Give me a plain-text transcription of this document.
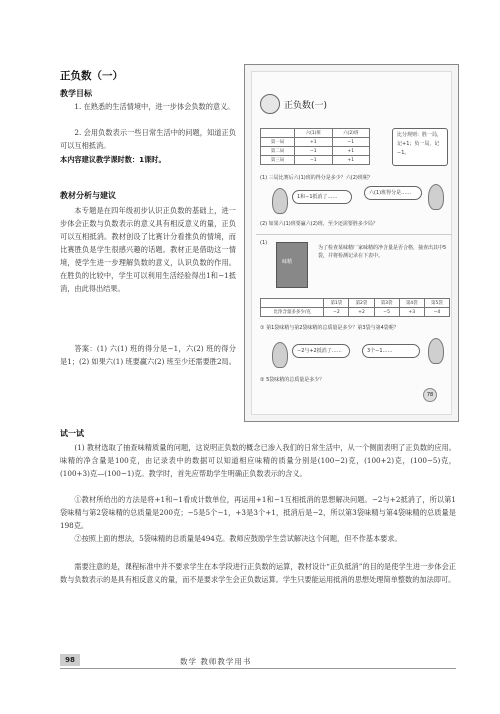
正负数（一）
教学目标
1. 在熟悉的生活情境中，进一步体会负数的意义。
2. 会用负数表示一些日常生活中的问题，知道正负可以互相抵消。
本内容建议教学课时数：1课时。
教材分析与建议
本专题是在四年级初步认识正负数的基础上，进一步体会正数与负数表示的意义具有相反意义的量，正负可以互相抵消。教材创设了比赛计分看推负的情境，而比赛胜负是学生很感兴趣的话题。教材正是借助这一情境，使学生进一步理解负数的意义，认识负数的作用。在胜负的比较中，学生可以利用生活经验得出1和−1抵消，由此得出结果。
答案：(1) 六(1) 班的得分是−1，六(2) 班的得分是1；(2) 如果六(1) 班要赢六(2) 班至少还需要胜2局。
正负数(一)
	六(1)班	六(2)班
第一局	+1	−1
第二局	−1	+1
第三局	−1	+1
比分规则：胜一局，记+1；负一局，记−1。
(1) 三局比赛后六(1)班的得分是多少？六(2)班呢？
1和−1抵消了……
六(1)班得分是……
(2) 如果六(1)班要赢六(2)班，至少还需要胜多少局？
(1)
味精
为了检查某味精厂家味精的净含量是否合格，抽查出其中5袋，并将检测记录在下表中。
	第1袋	第2袋	第3袋	第4袋	第5袋
比净含量多多少/克	−2	+2	−5	+3	−4
① 第1袋味精与第2袋味精的总质量是多少？第3袋与第4袋呢？
−2与+2抵消了……	3个−1……
② 5袋味精的总质量是多少？
78
试一试
(1) 教材选取了抽查味精质量的问题，这说明正负数的概念已渗入我们的日常生活中，从一个侧面表明了正负数的应用。味精的净含量是100克，由记录表中的数据可以知道相应味精的质量分别是(100−2)克，(100+2)克，(100−5)克，(100+3)克—(100−1)克。教学时，首先应帮助学生明确正负数表示的含义。
①教材所给出的方法是将+1和−1看成计数单位，再运用+1和−1互相抵消的思想解决问题。−2与+2抵消了，所以第1袋味精与第2袋味精的总质量是200克；−5是5个−1，+3是3个+1，抵消后是−2，所以第3袋味精与第4袋味精的总质量是198克。
②按照上面的想法，5袋味精的总质量是494克。教师应鼓励学生尝试解决这个问题，但不作基本要求。
需要注意的是，课程标准中并不要求学生在本学段进行正负数的运算，教材设计“正负抵消”的目的是使学生进一步体会正数与负数表示的是具有相反意义的量，而不是要求学生会正负数运算。学生只要能运用抵消的思想处理简单整数的加法即可。
98	数学 教师教学用书
